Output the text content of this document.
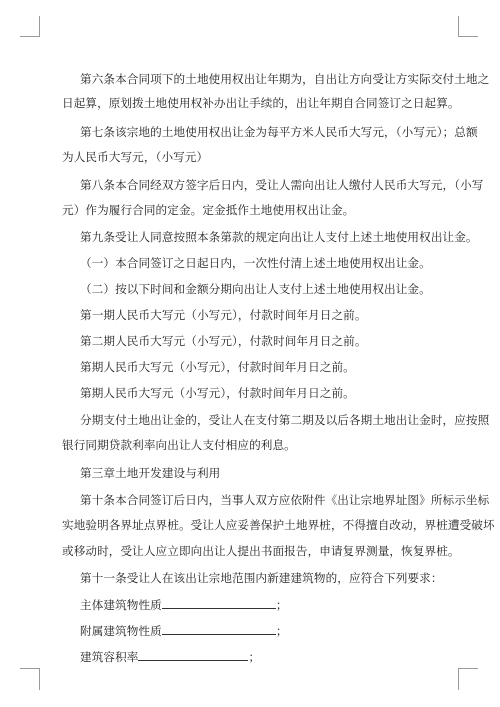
第六条本合同项下的土地使用权出让年期为，自出让方向受让方实际交付土地之
日起算，原划拨土地使用权补办出让手续的，出让年期自合同签订之日起算。
第七条该宗地的土地使用权出让金为每平方米人民币大写元，（小写元）；总额
为人民币大写元，（小写元）
第八条本合同经双方签字后日内，受让人需向出让人缴付人民币大写元，（小写
元）作为履行合同的定金。定金抵作土地使用权出让金。
第九条受让人同意按照本条第款的规定向出让人支付上述土地使用权出让金。
（一）本合同签订之日起日内，一次性付清上述土地使用权出让金。
（二）按以下时间和金额分期向出让人支付上述土地使用权出让金。
第一期人民币大写元（小写元），付款时间年月日之前。
第二期人民币大写元（小写元），付款时间年月日之前。
第期人民币大写元（小写元），付款时间年月日之前。
第期人民币大写元（小写元），付款时间年月日之前。
分期支付土地出让金的，受让人在支付第二期及以后各期土地出让金时，应按照
银行同期贷款利率向出让人支付相应的利息。
第三章土地开发建设与利用
第十条本合同签订后日内，当事人双方应依附件《出让宗地界址图》所标示坐标
实地验明各界址点界桩。受让人应妥善保护土地界桩，不得擅自改动，界桩遭受破坏
或移动时，受让人应立即向出让人提出书面报告，申请复界测量，恢复界桩。
第十一条受让人在该出让宗地范围内新建建筑物的，应符合下列要求：
主体建筑物性质	；
附属建筑物性质	；
建筑容积率	；
